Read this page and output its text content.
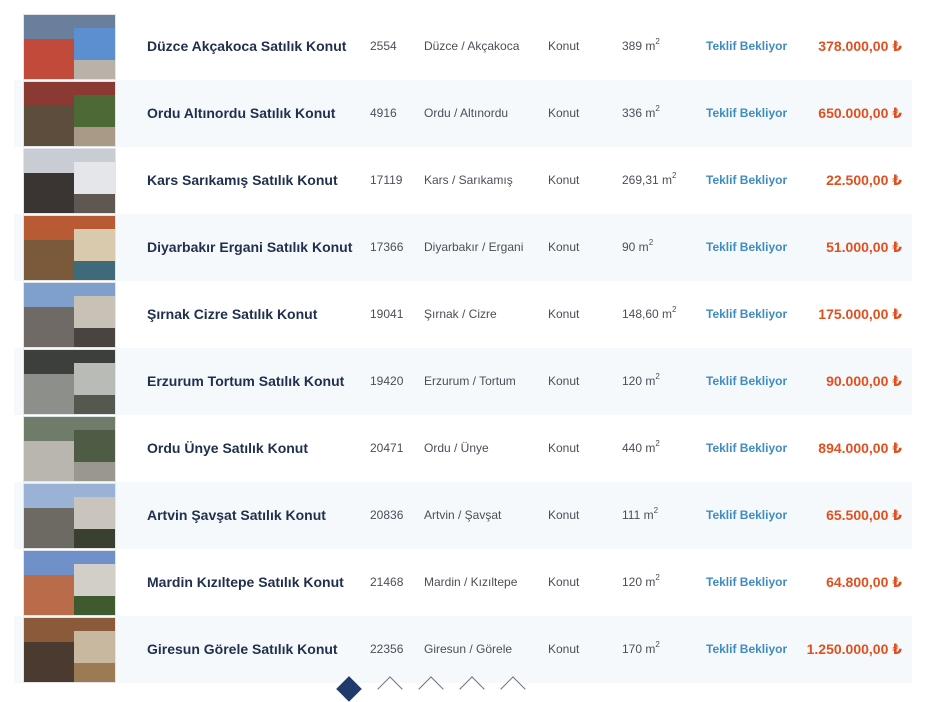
Düzce Akçakoca Satılık Konut 2554 Düzce / Akçakoca Konut	389 $m^2$	Teklif Bekliyor 378.000,00 ₺
Ordu Altınordu Satılık Konut	4916 Ordu / Altınordu	Konut	336 $m^2$	Teklif Bekliyor 650.000,00 ₺
Kars Sarıkamış Satılık Konut	17119 Kars / Sarıkamış	Konut	269,31 $m^2$ Teklif Bekliyor	22.500,00 ₺
Diyarbakır Ergani Satılık Konut 17366 Diyarbakır / Ergani Konut	90 $m^2$	Teklif Bekliyor	51.000,00 ₺
Şırnak Cizre Satılık Konut	19041 Şırnak / Cizre	Konut	148,60 $m^2$ Teklif Bekliyor 175.000,00 ₺
Erzurum Tortum Satılık Konut 19420 Erzurum / Tortum	Konut	120 $m^2$	Teklif Bekliyor	90.000,00 ₺
Ordu Ünye Satılık Konut	20471 Ordu / Ünye	Konut	440 $m^2$	Teklif Bekliyor 894.000,00 ₺
Artvin Şavşat Satılık Konut	20836 Artvin / Şavşat	Konut	111 $m^2$	Teklif Bekliyor	65.500,00 ₺
Mardin Kızıltepe Satılık Konut 21468 Mardin / Kızıltepe	Konut	120 $m^2$	Teklif Bekliyor	64.800,00 ₺
Giresun Görele Satılık Konut	22356 Giresun / Görele	Konut	170 $m^2$	Teklif Bekliyor 1.250.000,00 ₺
